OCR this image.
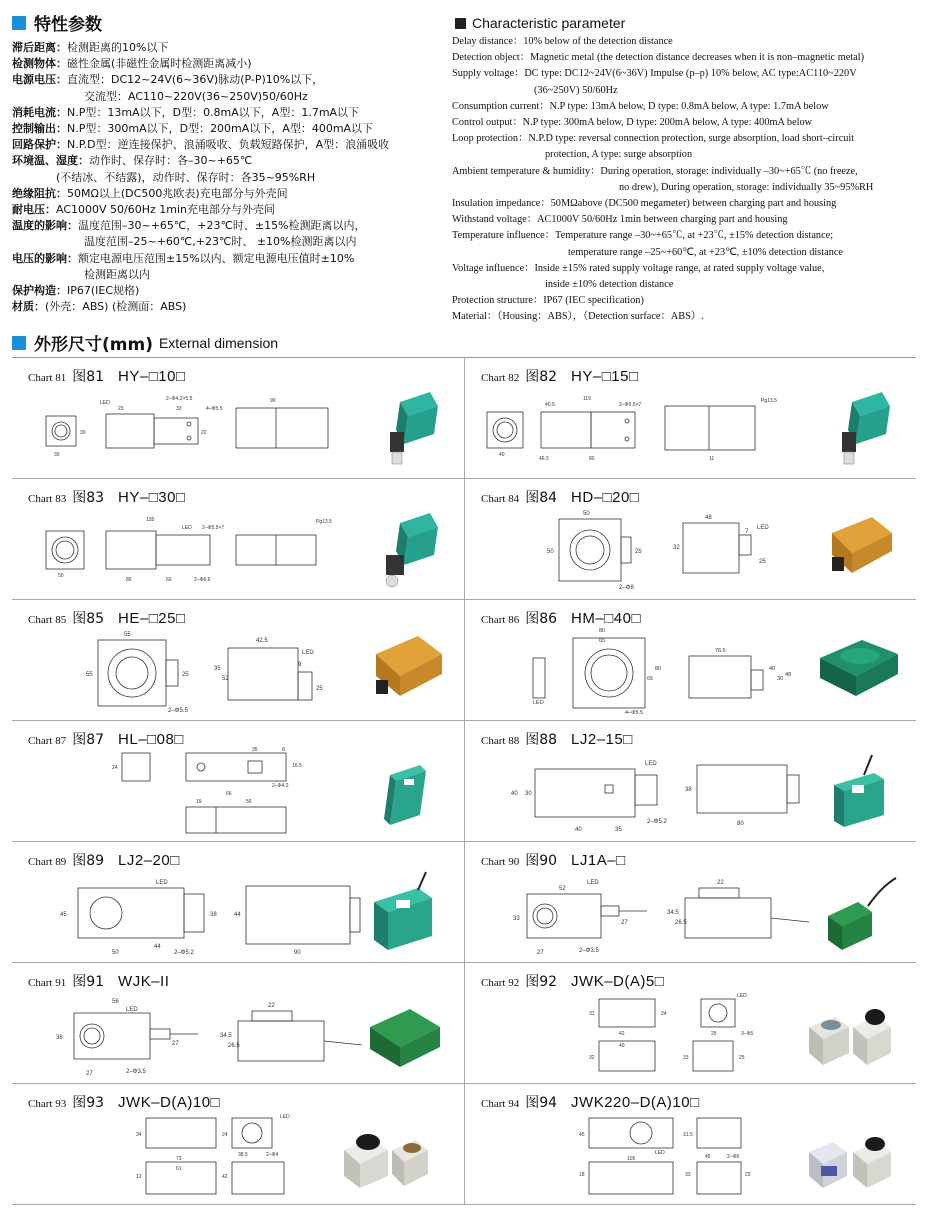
特性参数
滞后距离：检测距离的10%以下
检测物体：磁性金属(非磁性金属时检测距离减小)
电源电压：直流型：DC12~24V(6~36V)脉动(P-P)10%以下，
交流型：AC110~220V(36~250V)50/60Hz
消耗电流：N.P型：13mA以下，D型：0.8mA以下，A型：1.7mA以下
控制输出：N.P型：300mA以下，D型：200mA以下，A型：400mA以下
回路保护：N.P.D型：逆连接保护、浪涌吸收、负载短路保护，A型：浪涌吸收
环境温、湿度：动作时、保存时：各–30~+65℃
(不结冰、不结露)，动作时、保存时：各35~95%RH
绝缘阻抗：50MΩ以上(DC500兆欧表)充电部分与外壳间
耐电压：AC1000V 50/60Hz 1min充电部分与外壳间
温度的影响：温度范围–30~+65℃，+23℃时、±15%检测距离以内，
温度范围–25~+60℃,+23℃时、 ±10%检测距离以内
电压的影响：额定电源电压范围±15%以内、额定电源电压值时±10%
检测距离以内
保护构造：IP67(IEC规格)
材质：(外壳：ABS) (检测面：ABS)
Characteristic parameter
Delay distance：10% below of the detection distance
Detection object：Magnetic metal (the detection distance decreases when it is non–magnetic metal)
Supply voltage：DC type: DC12~24V(6~36V) Impulse (p–p) 10% below, AC type:AC110~220V
(36~250V) 50/60Hz
Consumption current：N.P type: 13mA below, D type: 0.8mA below, A type: 1.7mA below
Control output：N.P type: 300mA below, D type: 200mA below, A type: 400mA below
Loop protection：N.P.D type: reversal connection protection, surge absorption, load short–circuit
protection, A type: surge absorption
Ambient temperature & humidity：During operation, storage: individually –30~+65℃ (no freeze,
no drew), During operation, storage: individually 35~95%RH
Insulation impedance：50MΩabove (DC500 megameter) between charging part and housing
Withstand voltage：AC1000V 50/60Hz 1min between charging part and housing
Temperature influence：Temperature range –30~+65℃, at +23℃, ±15% detection distance;
temperature range –25~+60℃, at +23℃, ±10% detection distance
Voltage influence：Inside ±15% rated supply voltage range, at rated supply voltage value,
inside ±10% detection distance
Protection structure：IP67 (IEC specification)
Material：（Housing：ABS），（Detection surface：ABS）.
外形尺寸(mm) External dimension
Chart 81 图81 HY–□10□
LED
23	33
90
2–Φ4.2×5.5
4–Φ5.5
30
30	22
Chart 82 图82 HY–□15□
40
40.5
115
46.5	80
2–Φ5.5×7
Pg13.5
11
Chart 83 图83 HY–□30□
50
135
LED 2–Φ5.5×7
86	60
Pg13.5
2–Φ6.6
Chart 84 图84 HD–□20□
50
48
LED
50	25
32
7
25
2–Φ8
Chart 85 图85 HE–□25□
55
42.5
LED
55	25
35
52
9
25
2–Φ5.5
Chart 86 图86 HM–□40□
80
65
76.5
LED
80
65
40
30
48
4–Φ5.5
Chart 87 图87 HL–□08□
24
35	8
16.5
2–Φ4.2
19	56
66
Chart 88 图88 LJ2–15□
LED
40 30
38
40	35
2–Φ5.2	80
Chart 89 图89 LJ2–20□
LED
45	38	44
50
44
2–Φ5.2	90
Chart 90 图90 LJ1A–□
LED
52
22
33
27
34.5
26.5
27	2–Φ3.5
Chart 91 图91 WJK–II
56
LED
22
36
27
34.5
26.5
27	2–Φ3.5
Chart 92 图92 JWK–D(A)5□
31	24
LED
42	25	3–Φ5
40
32	33	25
Chart 93 图93 JWK–D(A)10□
34	24
LED
38.5	2–Φ4
73
61
12	42
Chart 94 图94 JWK220–D(A)10□
45	31.5
LED
105	45	2–Φ6
18	33	23
